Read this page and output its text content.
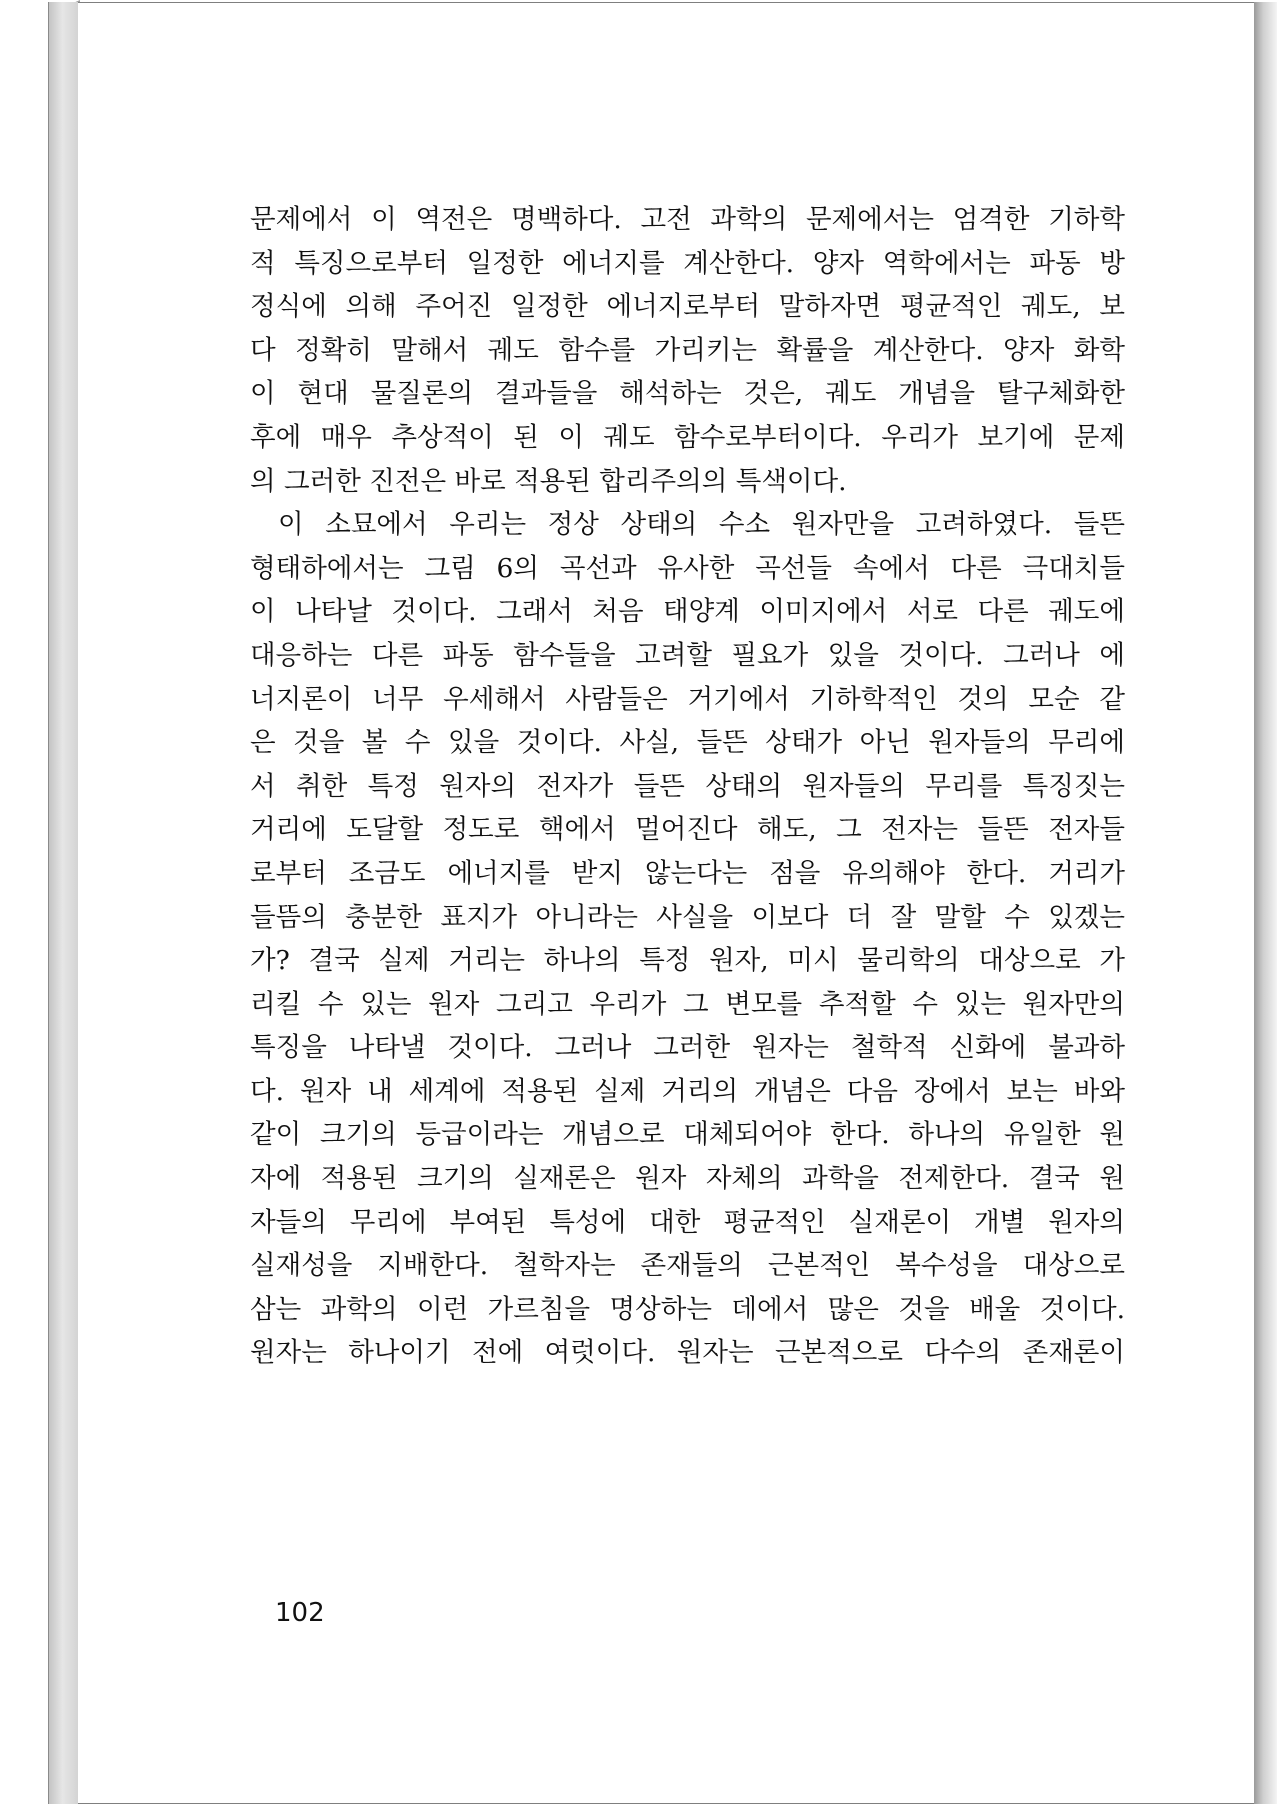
문제에서 이 역전은 명백하다. 고전 과학의 문제에서는 엄격한 기하학
적 특징으로부터 일정한 에너지를 계산한다. 양자 역학에서는 파동 방
정식에 의해 주어진 일정한 에너지로부터 말하자면 평균적인 궤도, 보
다 정확히 말해서 궤도 함수를 가리키는 확률을 계산한다. 양자 화학
이 현대 물질론의 결과들을 해석하는 것은, 궤도 개념을 탈구체화한
후에 매우 추상적이 된 이 궤도 함수로부터이다. 우리가 보기에 문제
의 그러한 진전은 바로 적용된 합리주의의 특색이다.
이 소묘에서 우리는 정상 상태의 수소 원자만을 고려하였다. 들뜬
형태하에서는 그림 6의 곡선과 유사한 곡선들 속에서 다른 극대치들
이 나타날 것이다. 그래서 처음 태양계 이미지에서 서로 다른 궤도에
대응하는 다른 파동 함수들을 고려할 필요가 있을 것이다. 그러나 에
너지론이 너무 우세해서 사람들은 거기에서 기하학적인 것의 모순 같
은 것을 볼 수 있을 것이다. 사실, 들뜬 상태가 아닌 원자들의 무리에
서 취한 특정 원자의 전자가 들뜬 상태의 원자들의 무리를 특징짓는
거리에 도달할 정도로 핵에서 멀어진다 해도, 그 전자는 들뜬 전자들
로부터 조금도 에너지를 받지 않는다는 점을 유의해야 한다. 거리가
들뜸의 충분한 표지가 아니라는 사실을 이보다 더 잘 말할 수 있겠는
가? 결국 실제 거리는 하나의 특정 원자, 미시 물리학의 대상으로 가
리킬 수 있는 원자 그리고 우리가 그 변모를 추적할 수 있는 원자만의
특징을 나타낼 것이다. 그러나 그러한 원자는 철학적 신화에 불과하
다. 원자 내 세계에 적용된 실제 거리의 개념은 다음 장에서 보는 바와
같이 크기의 등급이라는 개념으로 대체되어야 한다. 하나의 유일한 원
자에 적용된 크기의 실재론은 원자 자체의 과학을 전제한다. 결국 원
자들의 무리에 부여된 특성에 대한 평균적인 실재론이 개별 원자의
실재성을 지배한다. 철학자는 존재들의 근본적인 복수성을 대상으로
삼는 과학의 이런 가르침을 명상하는 데에서 많은 것을 배울 것이다.
원자는 하나이기 전에 여럿이다. 원자는 근본적으로 다수의 존재론이
102
